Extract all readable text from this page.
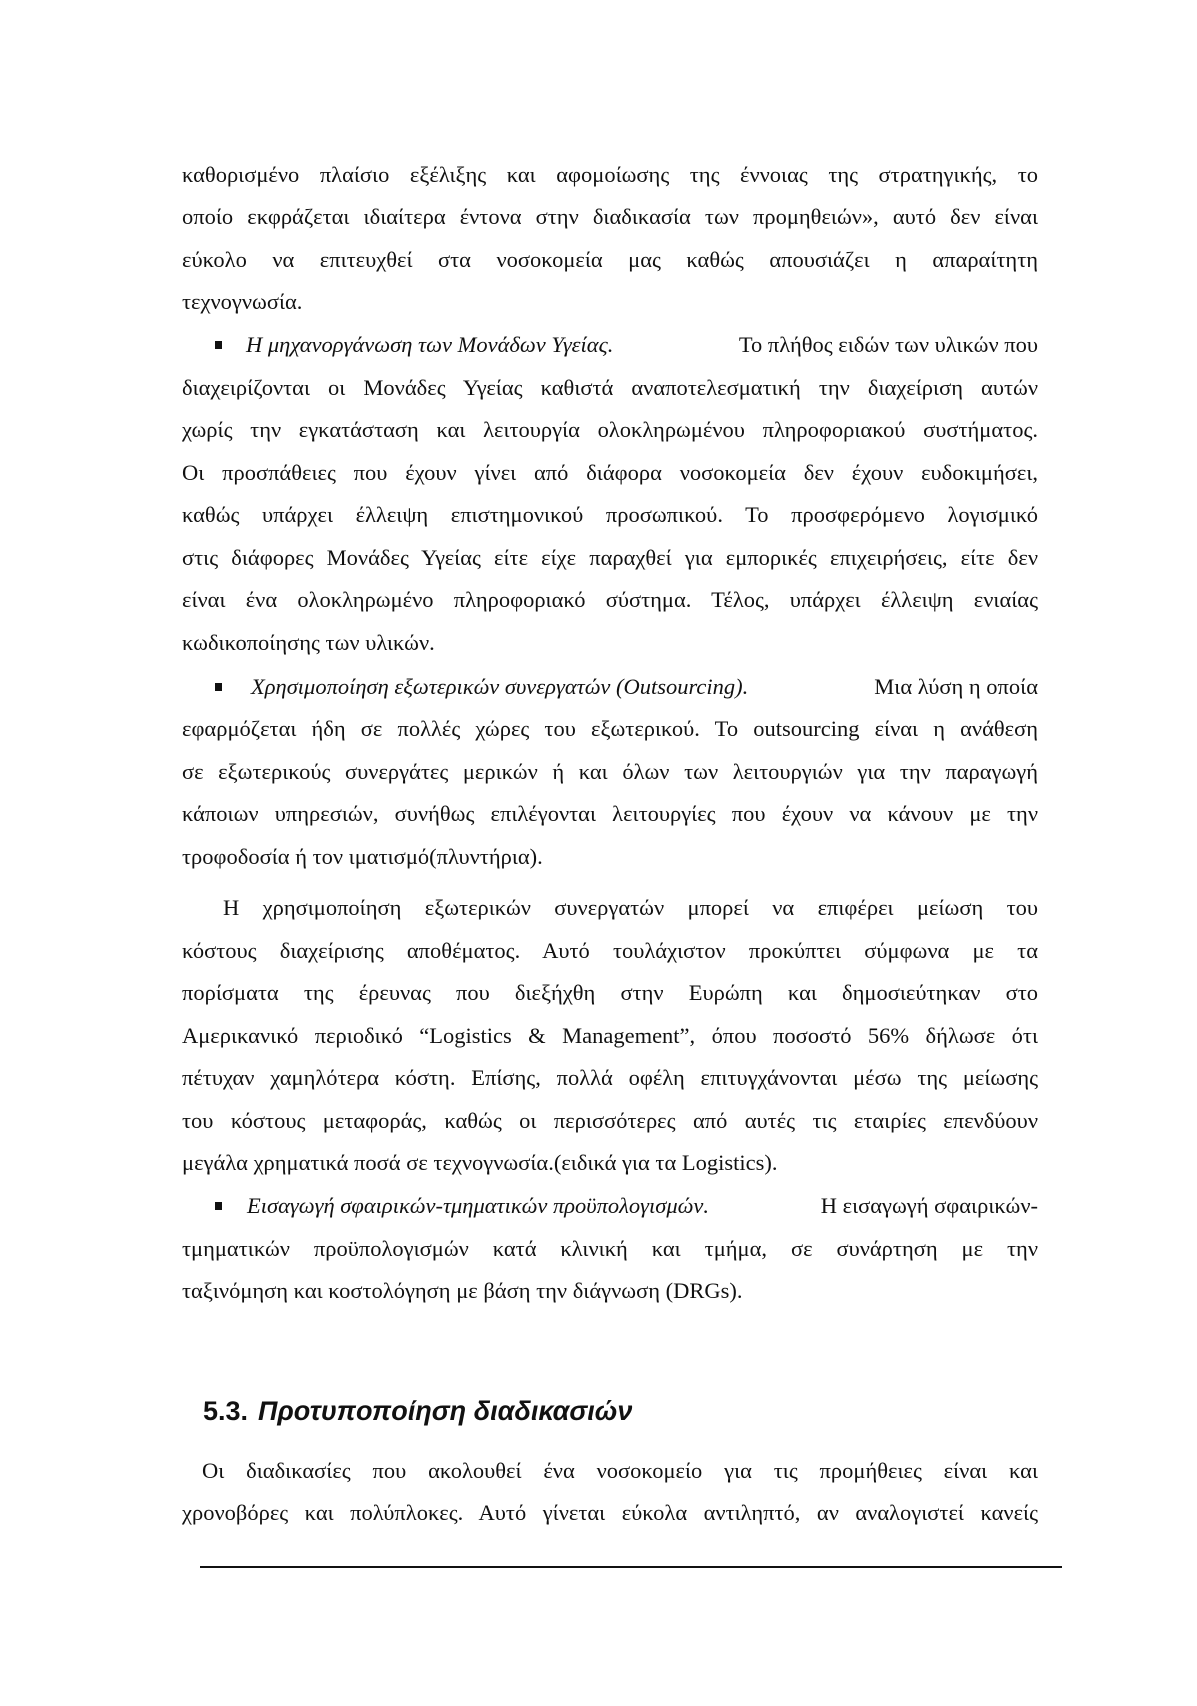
καθορισμένο πλαίσιο εξέλιξης και αφομοίωσης της έννοιας της στρατηγικής, το
οποίο εκφράζεται ιδιαίτερα έντονα στην διαδικασία των προμηθειών», αυτό δεν είναι
εύκολο να επιτευχθεί στα νοσοκομεία μας καθώς απουσιάζει η απαραίτητη
τεχνογνωσία.
Η μηχανοργάνωση των Μονάδων Υγείας.	Το πλήθος ειδών των υλικών που
διαχειρίζονται οι Μονάδες Υγείας καθιστά αναποτελεσματική την διαχείριση αυτών
χωρίς την εγκατάσταση και λειτουργία ολοκληρωμένου πληροφοριακού συστήματος.
Οι προσπάθειες που έχουν γίνει από διάφορα νοσοκομεία δεν έχουν ευδοκιμήσει,
καθώς υπάρχει έλλειψη επιστημονικού προσωπικού. Το προσφερόμενο λογισμικό
στις διάφορες Μονάδες Υγείας είτε είχε παραχθεί για εμπορικές επιχειρήσεις, είτε δεν
είναι ένα ολοκληρωμένο πληροφοριακό σύστημα. Τέλος, υπάρχει έλλειψη ενιαίας
κωδικοποίησης των υλικών.
Χρησιμοποίηση εξωτερικών συνεργατών (Outsourcing).	Μια λύση η οποία
εφαρμόζεται ήδη σε πολλές χώρες του εξωτερικού. Το outsourcing είναι η ανάθεση
σε εξωτερικούς συνεργάτες μερικών ή και όλων των λειτουργιών για την παραγωγή
κάποιων υπηρεσιών, συνήθως επιλέγονται λειτουργίες που έχουν να κάνουν με την
τροφοδοσία ή τον ιματισμό(πλυντήρια).
Η χρησιμοποίηση εξωτερικών συνεργατών μπορεί να επιφέρει μείωση του
κόστους διαχείρισης αποθέματος. Αυτό τουλάχιστον προκύπτει σύμφωνα με τα
πορίσματα της έρευνας που διεξήχθη στην Ευρώπη και δημοσιεύτηκαν στο
Αμερικανικό περιοδικό “Logistics & Management”, όπου ποσοστό 56% δήλωσε ότι
πέτυχαν χαμηλότερα κόστη. Επίσης, πολλά οφέλη επιτυγχάνονται μέσω της μείωσης
του κόστους μεταφοράς, καθώς οι περισσότερες από αυτές τις εταιρίες επενδύουν
μεγάλα χρηματικά ποσά σε τεχνογνωσία.(ειδικά για τα Logistics).
Εισαγωγή σφαιρικών-τμηματικών προϋπολογισμών.	Η εισαγωγή σφαιρικών-
τμηματικών προϋπολογισμών κατά κλινική και τμήμα, σε συνάρτηση με την
ταξινόμηση και κοστολόγηση με βάση την διάγνωση (DRGs).
5.3. Προτυποποίηση διαδικασιών
Οι διαδικασίες που ακολουθεί ένα νοσοκομείο για τις προμήθειες είναι και
χρονοβόρες και πολύπλοκες. Αυτό γίνεται εύκολα αντιληπτό, αν αναλογιστεί κανείς
